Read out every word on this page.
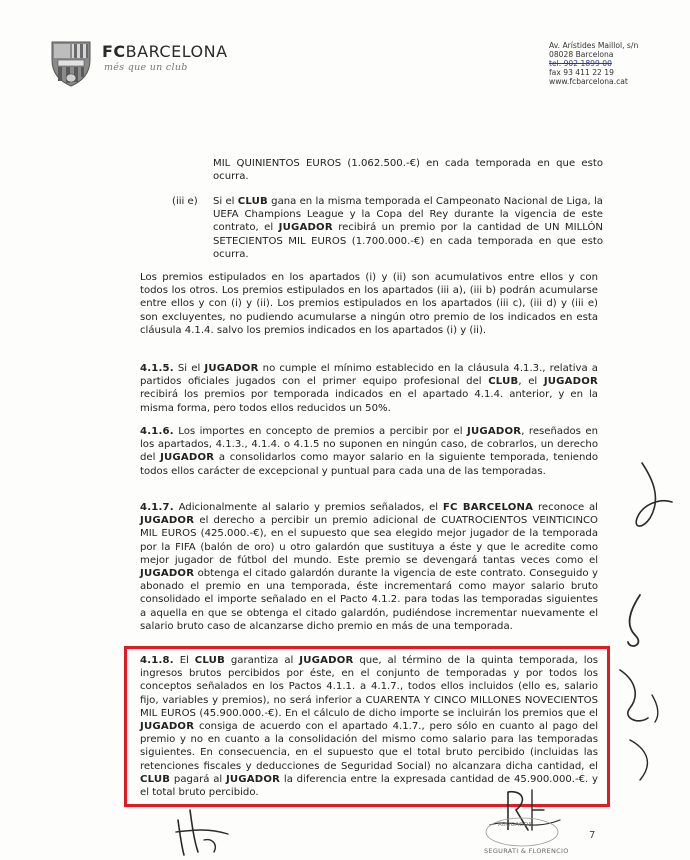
FCBARCELONA
més que un club
Av. Arístides Maillol, s/n
08028 Barcelona
tel. 902 1899 00
fax 93 411 22 19
www.fcbarcelona.cat
MIL QUINIENTOS EUROS (1.062.500.-€) en cada temporada en que esto ocurra.
(iii e) Si el CLUB gana en la misma temporada el Campeonato Nacional de Liga, la UEFA Champions League y la Copa del Rey durante la vigencia de este contrato, el JUGADOR recibirá un premio por la cantidad de UN MILLÓN SETECIENTOS MIL EUROS (1.700.000.-€) en cada temporada en que esto ocurra.
Los premios estipulados en los apartados (i) y (ii) son acumulativos entre ellos y con todos los otros. Los premios estipulados en los apartados (iii a), (iii b) podrán acumularse entre ellos y con (i) y (ii). Los premios estipulados en los apartados (iii c), (iii d) y (iii e) son excluyentes, no pudiendo acumularse a ningún otro premio de los indicados en esta cláusula 4.1.4. salvo los premios indicados en los apartados (i) y (ii).
4.1.5. Si el JUGADOR no cumple el mínimo establecido en la cláusula 4.1.3., relativa a partidos oficiales jugados con el primer equipo profesional del CLUB, el JUGADOR recibirá los premios por temporada indicados en el apartado 4.1.4. anterior, y en la misma forma, pero todos ellos reducidos un 50%.
4.1.6. Los importes en concepto de premios a percibir por el JUGADOR, reseñados en los apartados, 4.1.3., 4.1.4. o 4.1.5 no suponen en ningún caso, de cobrarlos, un derecho del JUGADOR a consolidarlos como mayor salario en la siguiente temporada, teniendo todos ellos carácter de excepcional y puntual para cada una de las temporadas.
4.1.7. Adicionalmente al salario y premios señalados, el FC BARCELONA reconoce al JUGADOR el derecho a percibir un premio adicional de CUATROCIENTOS VEINTICINCO MIL EUROS (425.000.-€), en el supuesto que sea elegido mejor jugador de la temporada por la FIFA (balón de oro) u otro galardón que sustituya a éste y que le acredite como mejor jugador de fútbol del mundo. Este premio se devengará tantas veces como el JUGADOR obtenga el citado galardón durante la vigencia de este contrato. Conseguido y abonado el premio en una temporada, éste incrementará como mayor salario bruto consolidado el importe señalado en el Pacto 4.1.2. para todas las temporadas siguientes a aquella en que se obtenga el citado galardón, pudiéndose incrementar nuevamente el salario bruto caso de alcanzarse dicho premio en más de una temporada.
4.1.8. El CLUB garantiza al JUGADOR que, al término de la quinta temporada, los ingresos brutos percibidos por éste, en el conjunto de temporadas y por todos los conceptos señalados en los Pactos 4.1.1. a 4.1.7., todos ellos incluidos (ello es, salario fijo, variables y premios), no será inferior a CUARENTA Y CINCO MILLONES NOVECIENTOS MIL EUROS (45.900.000.-€). En el cálculo de dicho importe se incluirán los premios que el JUGADOR consiga de acuerdo con el apartado 4.1.7., pero sólo en cuanto al pago del premio y no en cuanto a la consolidación del mismo como salario para las temporadas siguientes. En consecuencia, en el supuesto que el total bruto percibido (incluidas las retenciones fiscales y deducciones de Seguridad Social) no alcanzara dicha cantidad, el CLUB pagará al JUGADOR la diferencia entre la expresada cantidad de 45.900.000.-€. y el total bruto percibido.
ABOGADOS
SEGURATI & FLORENCIO
7
